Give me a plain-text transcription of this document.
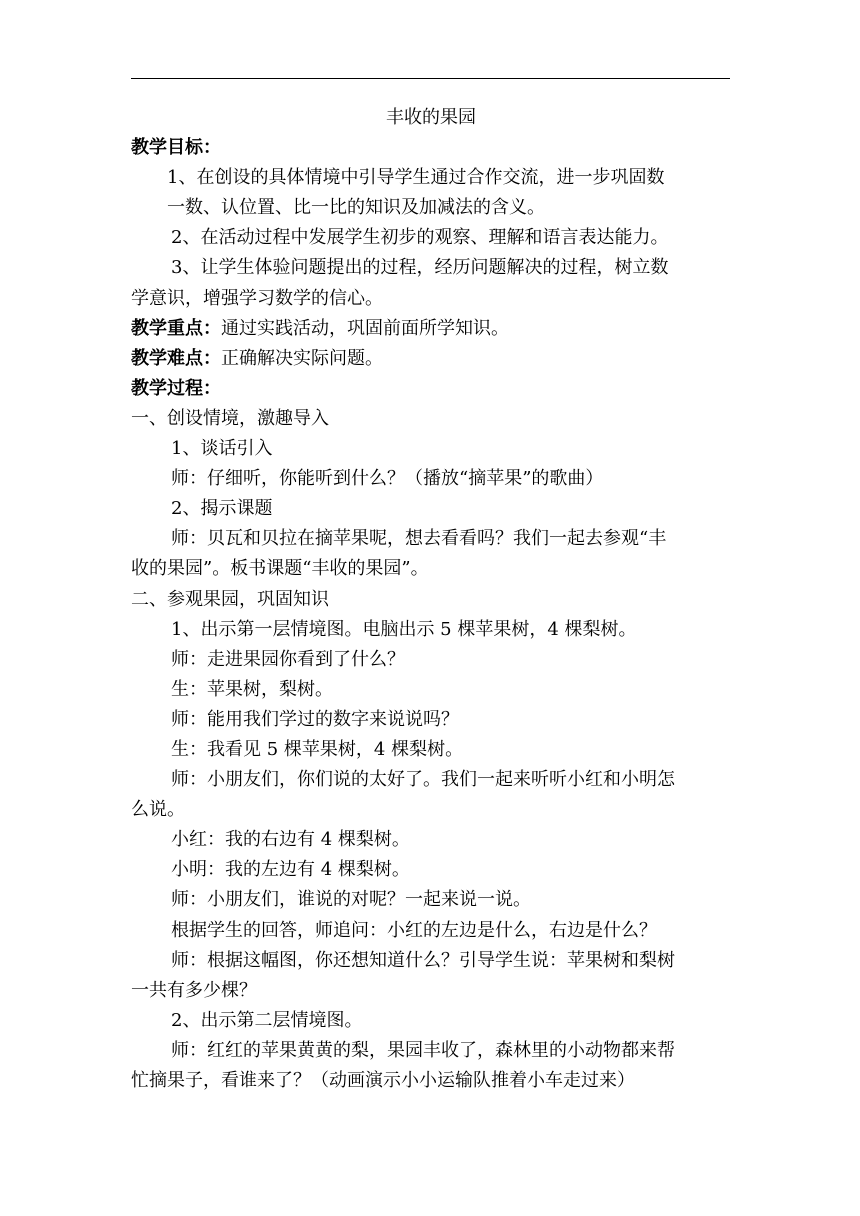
丰收的果园
教学目标：
1、在创设的具体情境中引导学生通过合作交流，进一步巩固数
一数、认位置、比一比的知识及加减法的含义。
2、在活动过程中发展学生初步的观察、理解和语言表达能力。
3、让学生体验问题提出的过程，经历问题解决的过程，树立数
学意识，增强学习数学的信心。
教学重点：通过实践活动，巩固前面所学知识。
教学难点：正确解决实际问题。
教学过程：
一、创设情境，激趣导入
1、谈话引入
师：仔细听，你能听到什么？（播放“摘苹果”的歌曲）
2、揭示课题
师：贝瓦和贝拉在摘苹果呢，想去看看吗？我们一起去参观“丰
收的果园”。板书课题“丰收的果园”。
二、参观果园，巩固知识
1、出示第一层情境图。电脑出示 5 棵苹果树，4 棵梨树。
师：走进果园你看到了什么？
生：苹果树，梨树。
师：能用我们学过的数字来说说吗？
生：我看见 5 棵苹果树，4 棵梨树。
师：小朋友们，你们说的太好了。我们一起来听听小红和小明怎
么说。
小红：我的右边有 4 棵梨树。
小明：我的左边有 4 棵梨树。
师：小朋友们，谁说的对呢？一起来说一说。
根据学生的回答，师追问：小红的左边是什么，右边是什么？
师：根据这幅图，你还想知道什么？引导学生说：苹果树和梨树
一共有多少棵？
2、出示第二层情境图。
师：红红的苹果黄黄的梨，果园丰收了，森林里的小动物都来帮
忙摘果子，看谁来了？（动画演示小小运输队推着小车走过来）
